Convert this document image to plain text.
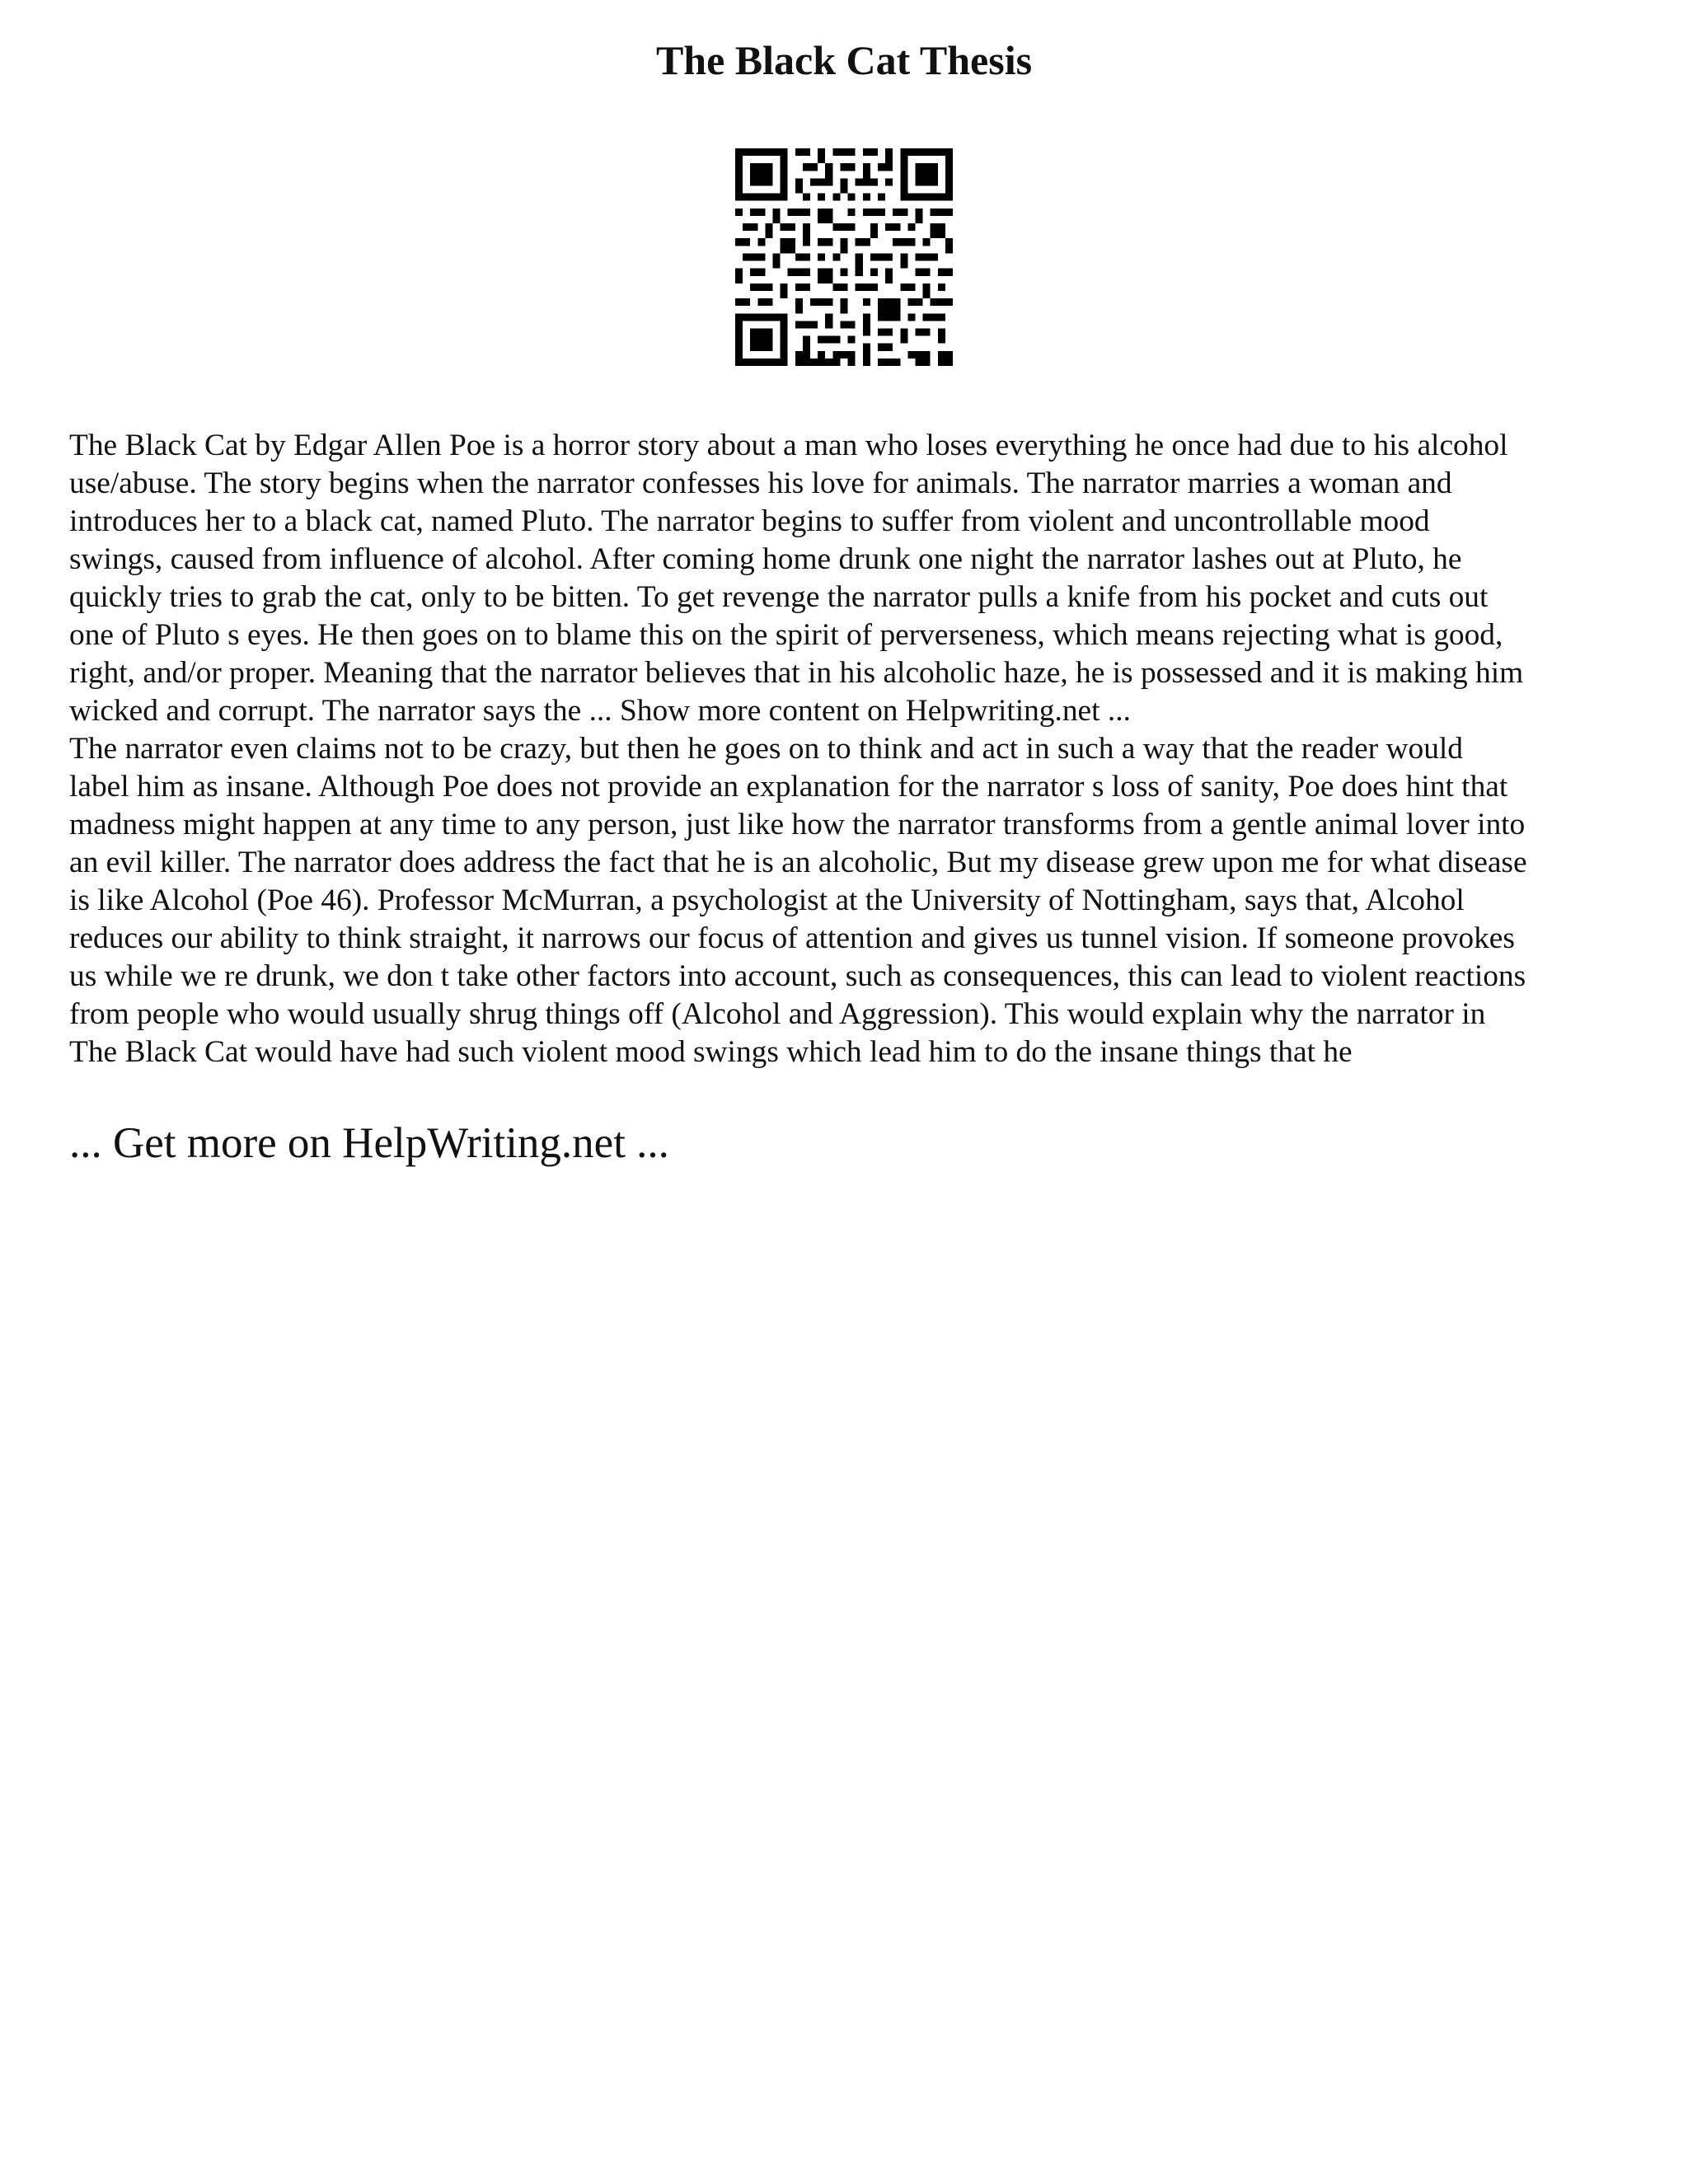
The Black Cat Thesis

The Black Cat by Edgar Allen Poe is a horror story about a man who loses everything he once had due to his alcohol
use/abuse. The story begins when the narrator confesses his love for animals. The narrator marries a woman and
introduces her to a black cat, named Pluto. The narrator begins to suffer from violent and uncontrollable mood
swings, caused from influence of alcohol. After coming home drunk one night the narrator lashes out at Pluto, he
quickly tries to grab the cat, only to be bitten. To get revenge the narrator pulls a knife from his pocket and cuts out
one of Pluto s eyes. He then goes on to blame this on the spirit of perverseness, which means rejecting what is good,
right, and/or proper. Meaning that the narrator believes that in his alcoholic haze, he is possessed and it is making him
wicked and corrupt. The narrator says the ... Show more content on Helpwriting.net ...
The narrator even claims not to be crazy, but then he goes on to think and act in such a way that the reader would
label him as insane. Although Poe does not provide an explanation for the narrator s loss of sanity, Poe does hint that
madness might happen at any time to any person, just like how the narrator transforms from a gentle animal lover into
an evil killer. The narrator does address the fact that he is an alcoholic, But my disease grew upon me for what disease
is like Alcohol (Poe 46). Professor McMurran, a psychologist at the University of Nottingham, says that, Alcohol
reduces our ability to think straight, it narrows our focus of attention and gives us tunnel vision. If someone provokes
us while we re drunk, we don t take other factors into account, such as consequences, this can lead to violent reactions
from people who would usually shrug things off (Alcohol and Aggression). This would explain why the narrator in
The Black Cat would have had such violent mood swings which lead him to do the insane things that he

... Get more on HelpWriting.net ...
